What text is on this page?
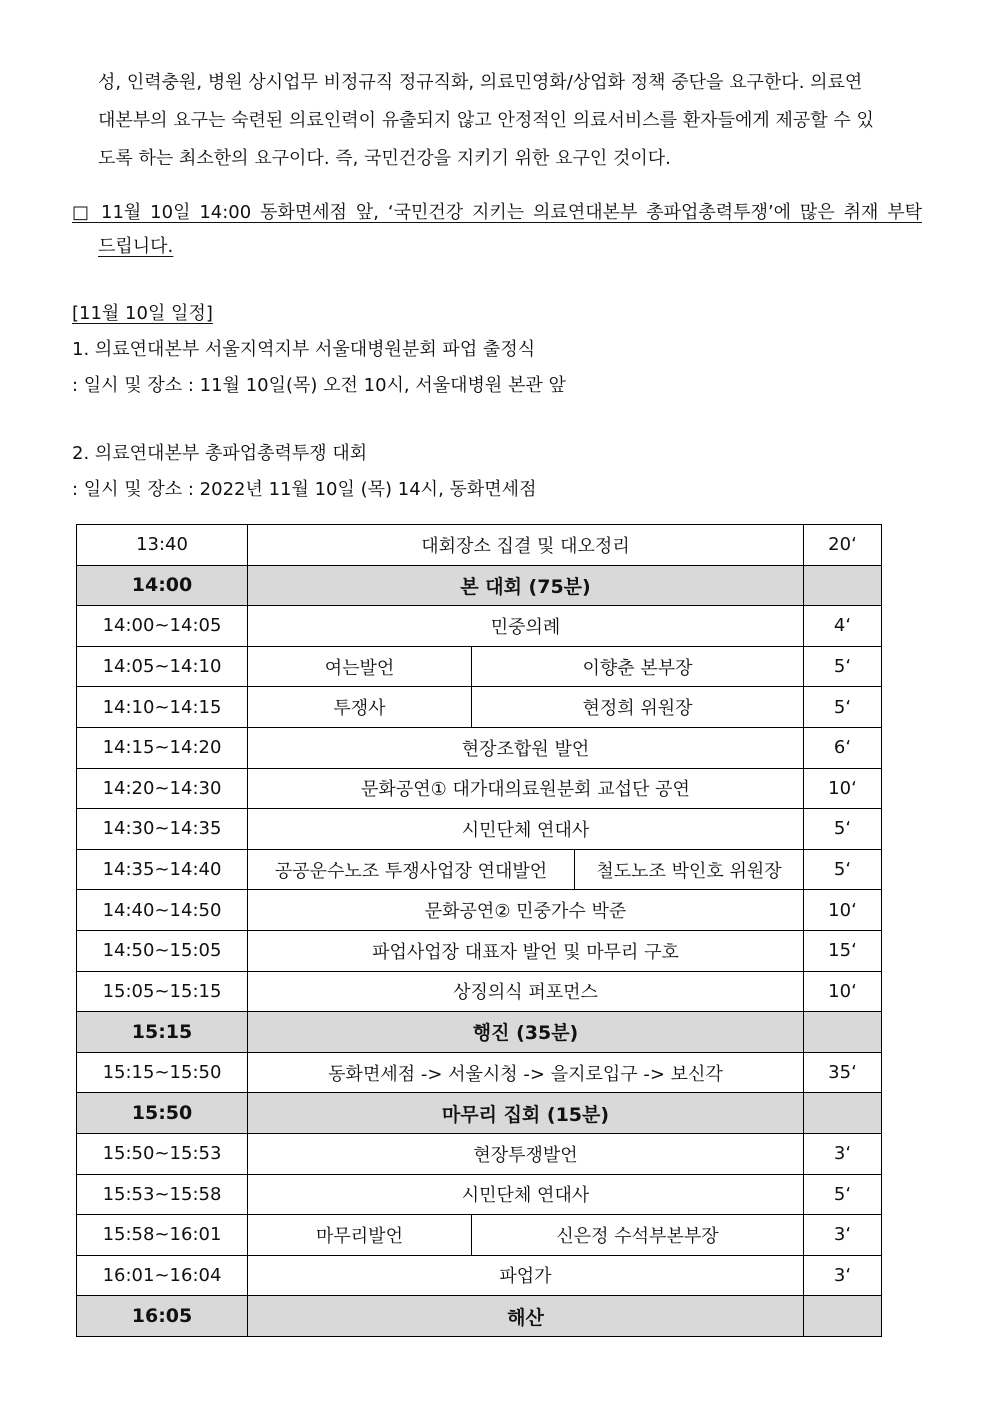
성, 인력충원, 병원 상시업무 비정규직 정규직화, 의료민영화/상업화 정책 중단을 요구한다. 의료연

대본부의 요구는 숙련된 의료인력이 유출되지 않고 안정적인 의료서비스를 환자들에게 제공할 수 있

도록 하는 최소한의 요구이다. 즉, 국민건강을 지키기 위한 요구인 것이다.

□ 11월 10일 14:00 동화면세점 앞, ‘국민건강 지키는 의료연대본부 총파업총력투쟁’에 많은 취재 부탁
드립니다.
[11월 10일 일정]
1. 의료연대본부 서울지역지부 서울대병원분회 파업 출정식
: 일시 및 장소 : 11월 10일(목) 오전 10시, 서울대병원 본관 앞
2. 의료연대본부 총파업총력투쟁 대회
: 일시 및 장소 : 2022년 11월 10일 (목) 14시, 동화면세점
13:40	대회장소 집결 및 대오정리			20‘
14:00	본 대회 (75분)			
14:00~14:05	민중의례			4‘
14:05~14:10	여는발언	이향춘 본부장		5‘
14:10~14:15	투쟁사	현정희 위원장		5‘
14:15~14:20	현장조합원 발언			6‘
14:20~14:30	문화공연① 대가대의료원분회 교섭단 공연			10‘
14:30~14:35	시민단체 연대사			5‘
14:35~14:40	공공운수노조 투쟁사업장 연대발언		철도노조 박인호 위원장	5‘
14:40~14:50	문화공연② 민중가수 박준			10‘
14:50~15:05	파업사업장 대표자 발언 및 마무리 구호			15‘
15:05~15:15	상징의식 퍼포먼스			10‘
15:15	행진 (35분)			
15:15~15:50	동화면세점 -> 서울시청 -> 을지로입구 -> 보신각			35‘
15:50	마무리 집회 (15분)			
15:50~15:53	현장투쟁발언			3‘
15:53~15:58	시민단체 연대사			5‘
15:58~16:01	마무리발언	신은정 수석부본부장		3‘
16:01~16:04	파업가			3‘
16:05	해산			
